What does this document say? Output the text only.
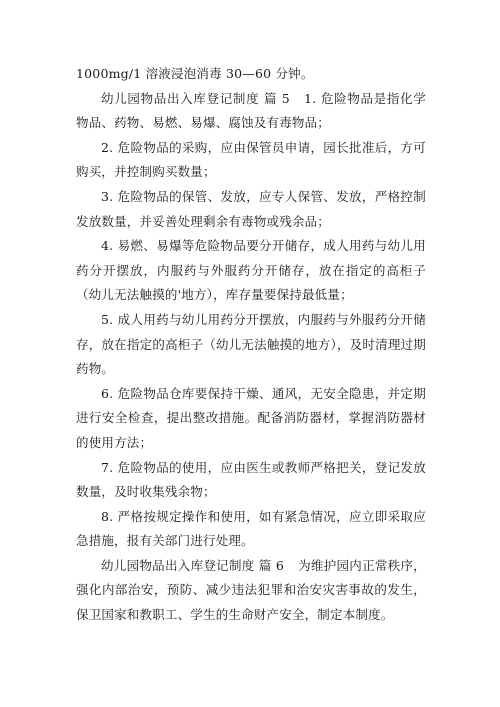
1000mg/1 溶液浸泡消毒 30—60 分钟。

幼儿园物品出入库登记制度 篇 5 1. 危险物品是指化学物品、药物、易燃、易爆、腐蚀及有毒物品；

2. 危险物品的采购，应由保管员申请，园长批准后，方可购买，并控制购买数量；

3. 危险物品的保管、发放，应专人保管、发放，严格控制发放数量，并妥善处理剩余有毒物或残余品；

4. 易燃、易爆等危险物品要分开储存，成人用药与幼儿用药分开摆放，内服药与外服药分开储存，放在指定的高柜子（幼儿无法触摸的'地方），库存量要保持最低量；

5. 成人用药与幼儿用药分开摆放，内服药与外服药分开储存，放在指定的高柜子（幼儿无法触摸的地方），及时清理过期药物。

6. 危险物品仓库要保持干燥、通风，无安全隐患，并定期进行安全检查，提出整改措施。配备消防器材，掌握消防器材的使用方法；

7. 危险物品的使用，应由医生或教师严格把关，登记发放数量，及时收集残余物；

8. 严格按规定操作和使用，如有紧急情况，应立即采取应急措施，报有关部门进行处理。

幼儿园物品出入库登记制度 篇 6 为维护园内正常秩序，强化内部治安，预防、减少违法犯罪和治安灾害事故的发生，保卫国家和教职工、学生的生命财产安全，制定本制度。
